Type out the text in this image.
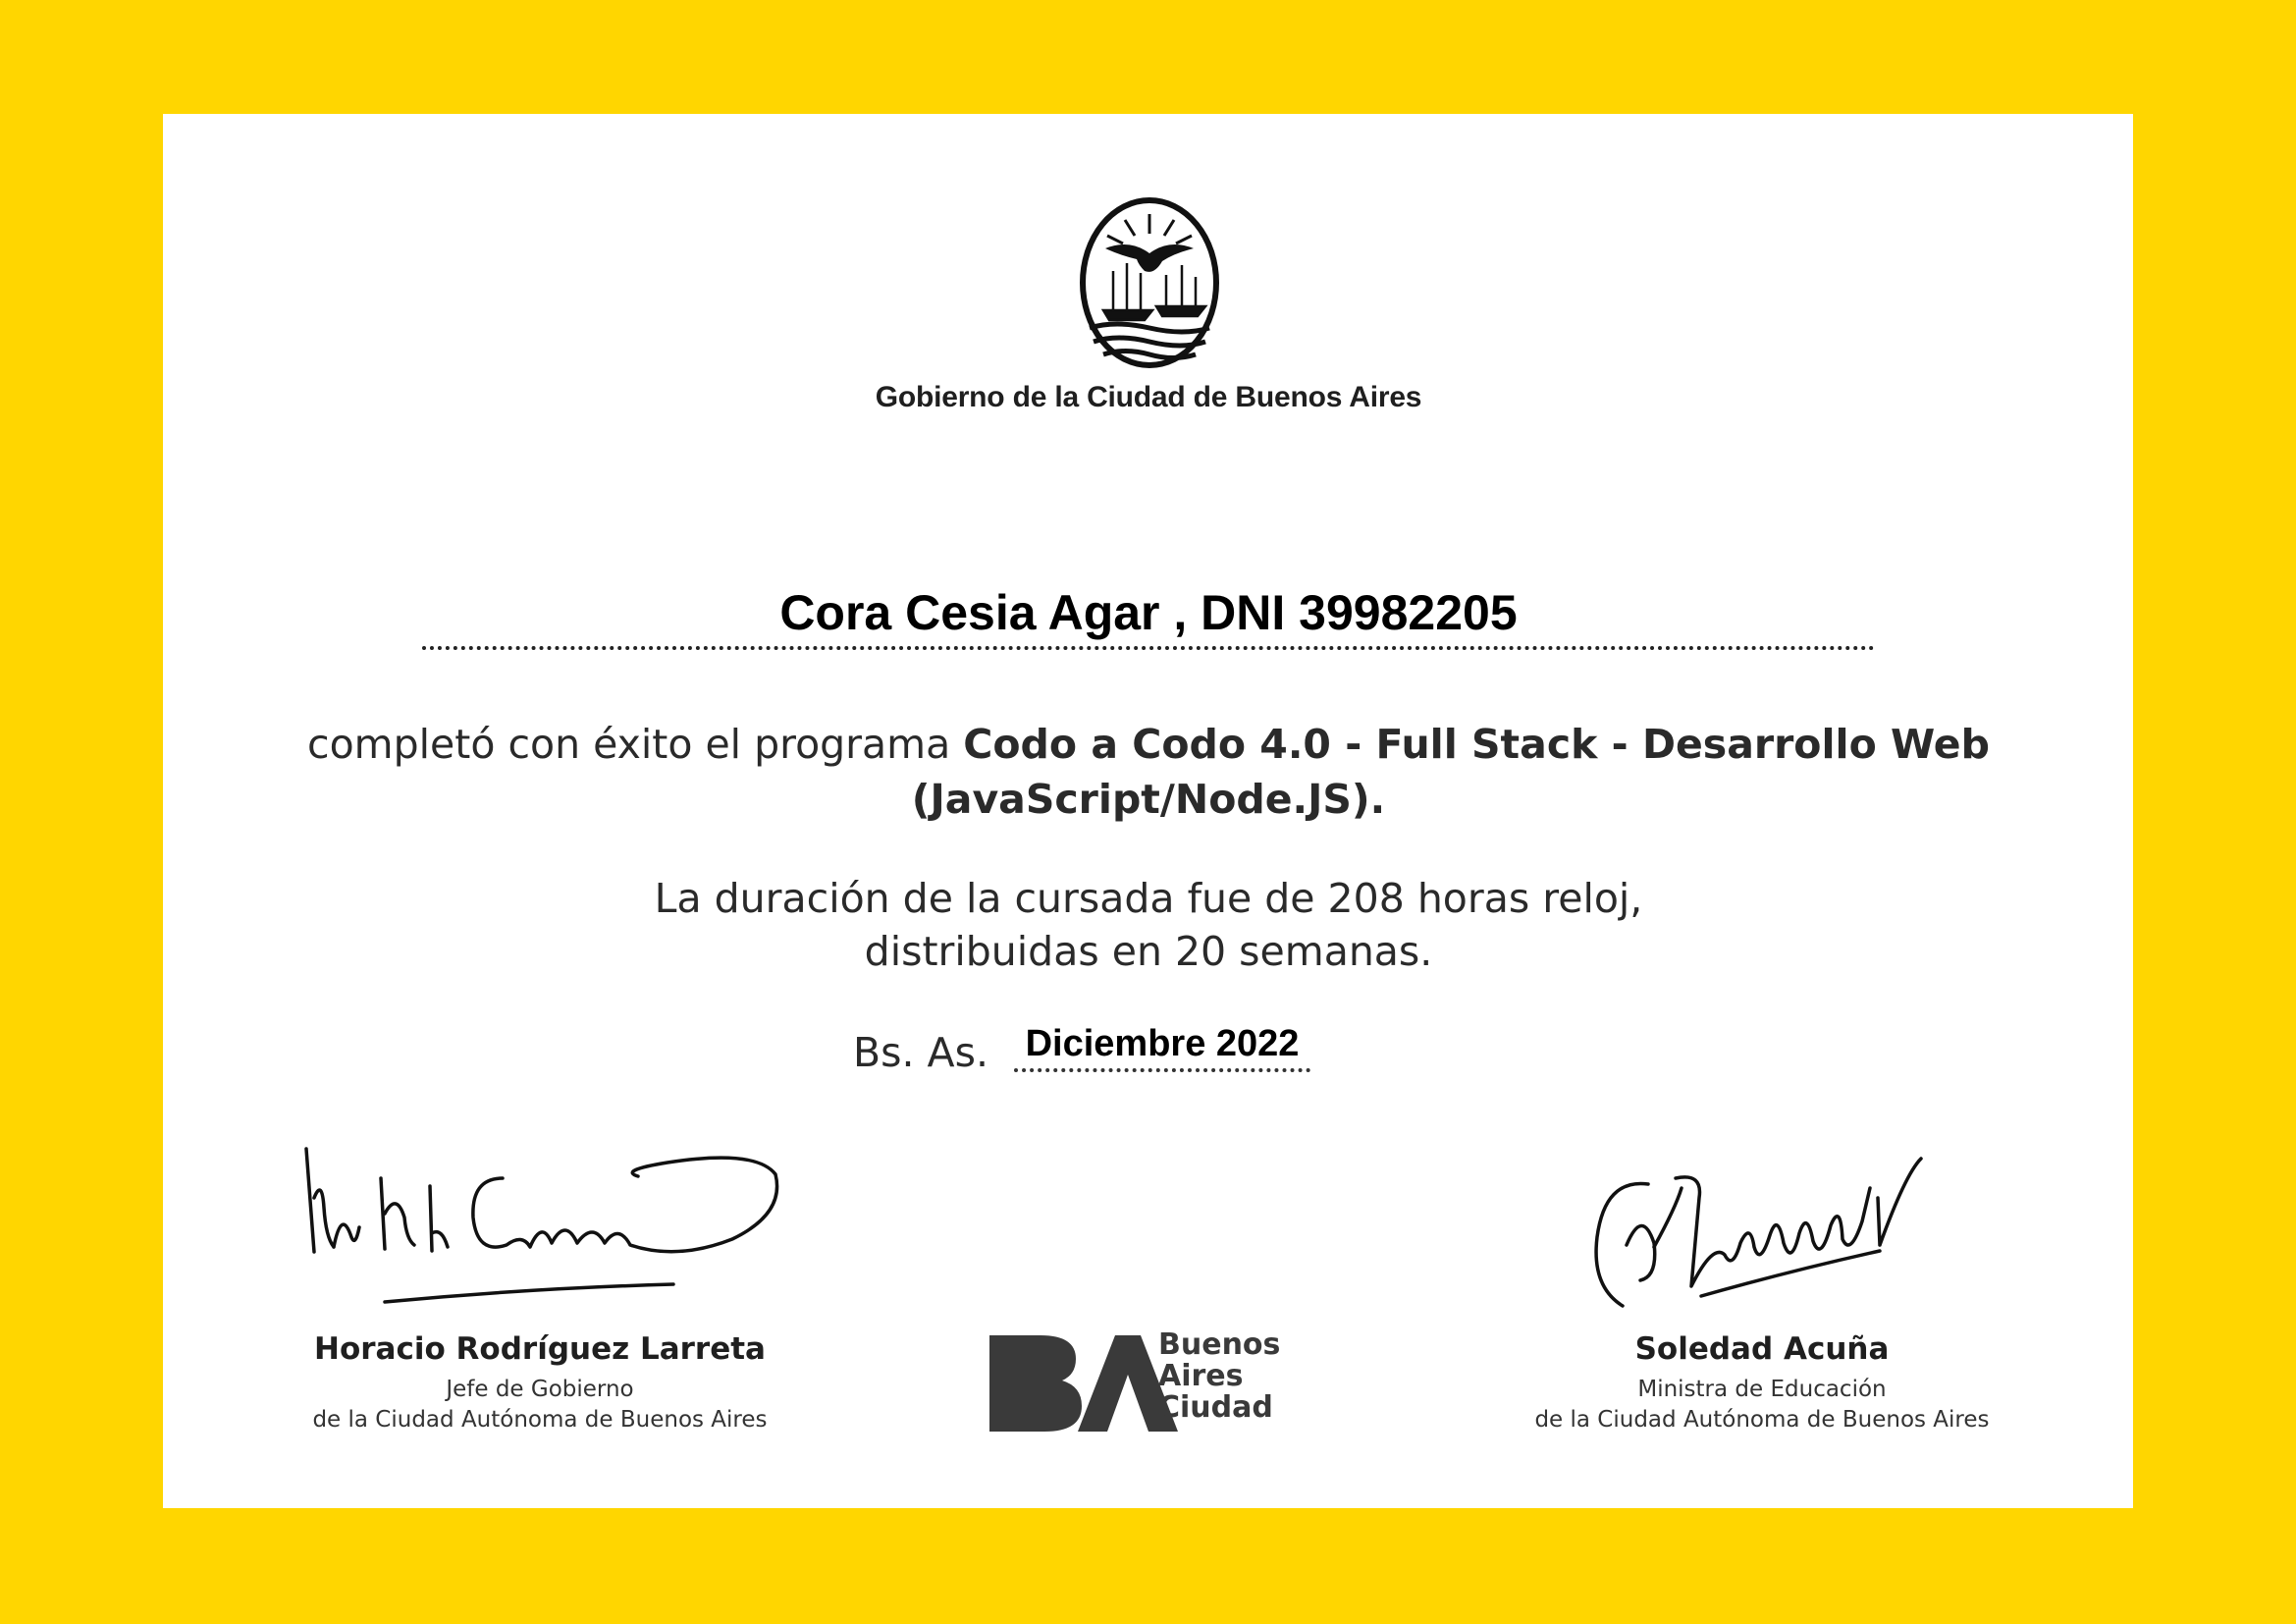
Gobierno de la Ciudad de Buenos Aires
Cora Cesia Agar , DNI 39982205
completó con éxito el programa Codo a Codo 4.0 - Full Stack - Desarrollo Web
(JavaScript/Node.JS).
La duración de la cursada fue de 208 horas reloj,
distribuidas en 20 semanas.
Bs. As. Diciembre 2022
Horacio Rodríguez Larreta
Jefe de Gobierno
de la Ciudad Autónoma de Buenos Aires
Soledad Acuña
Ministra de Educación
de la Ciudad Autónoma de Buenos Aires
Buenos
Aires
Ciudad
